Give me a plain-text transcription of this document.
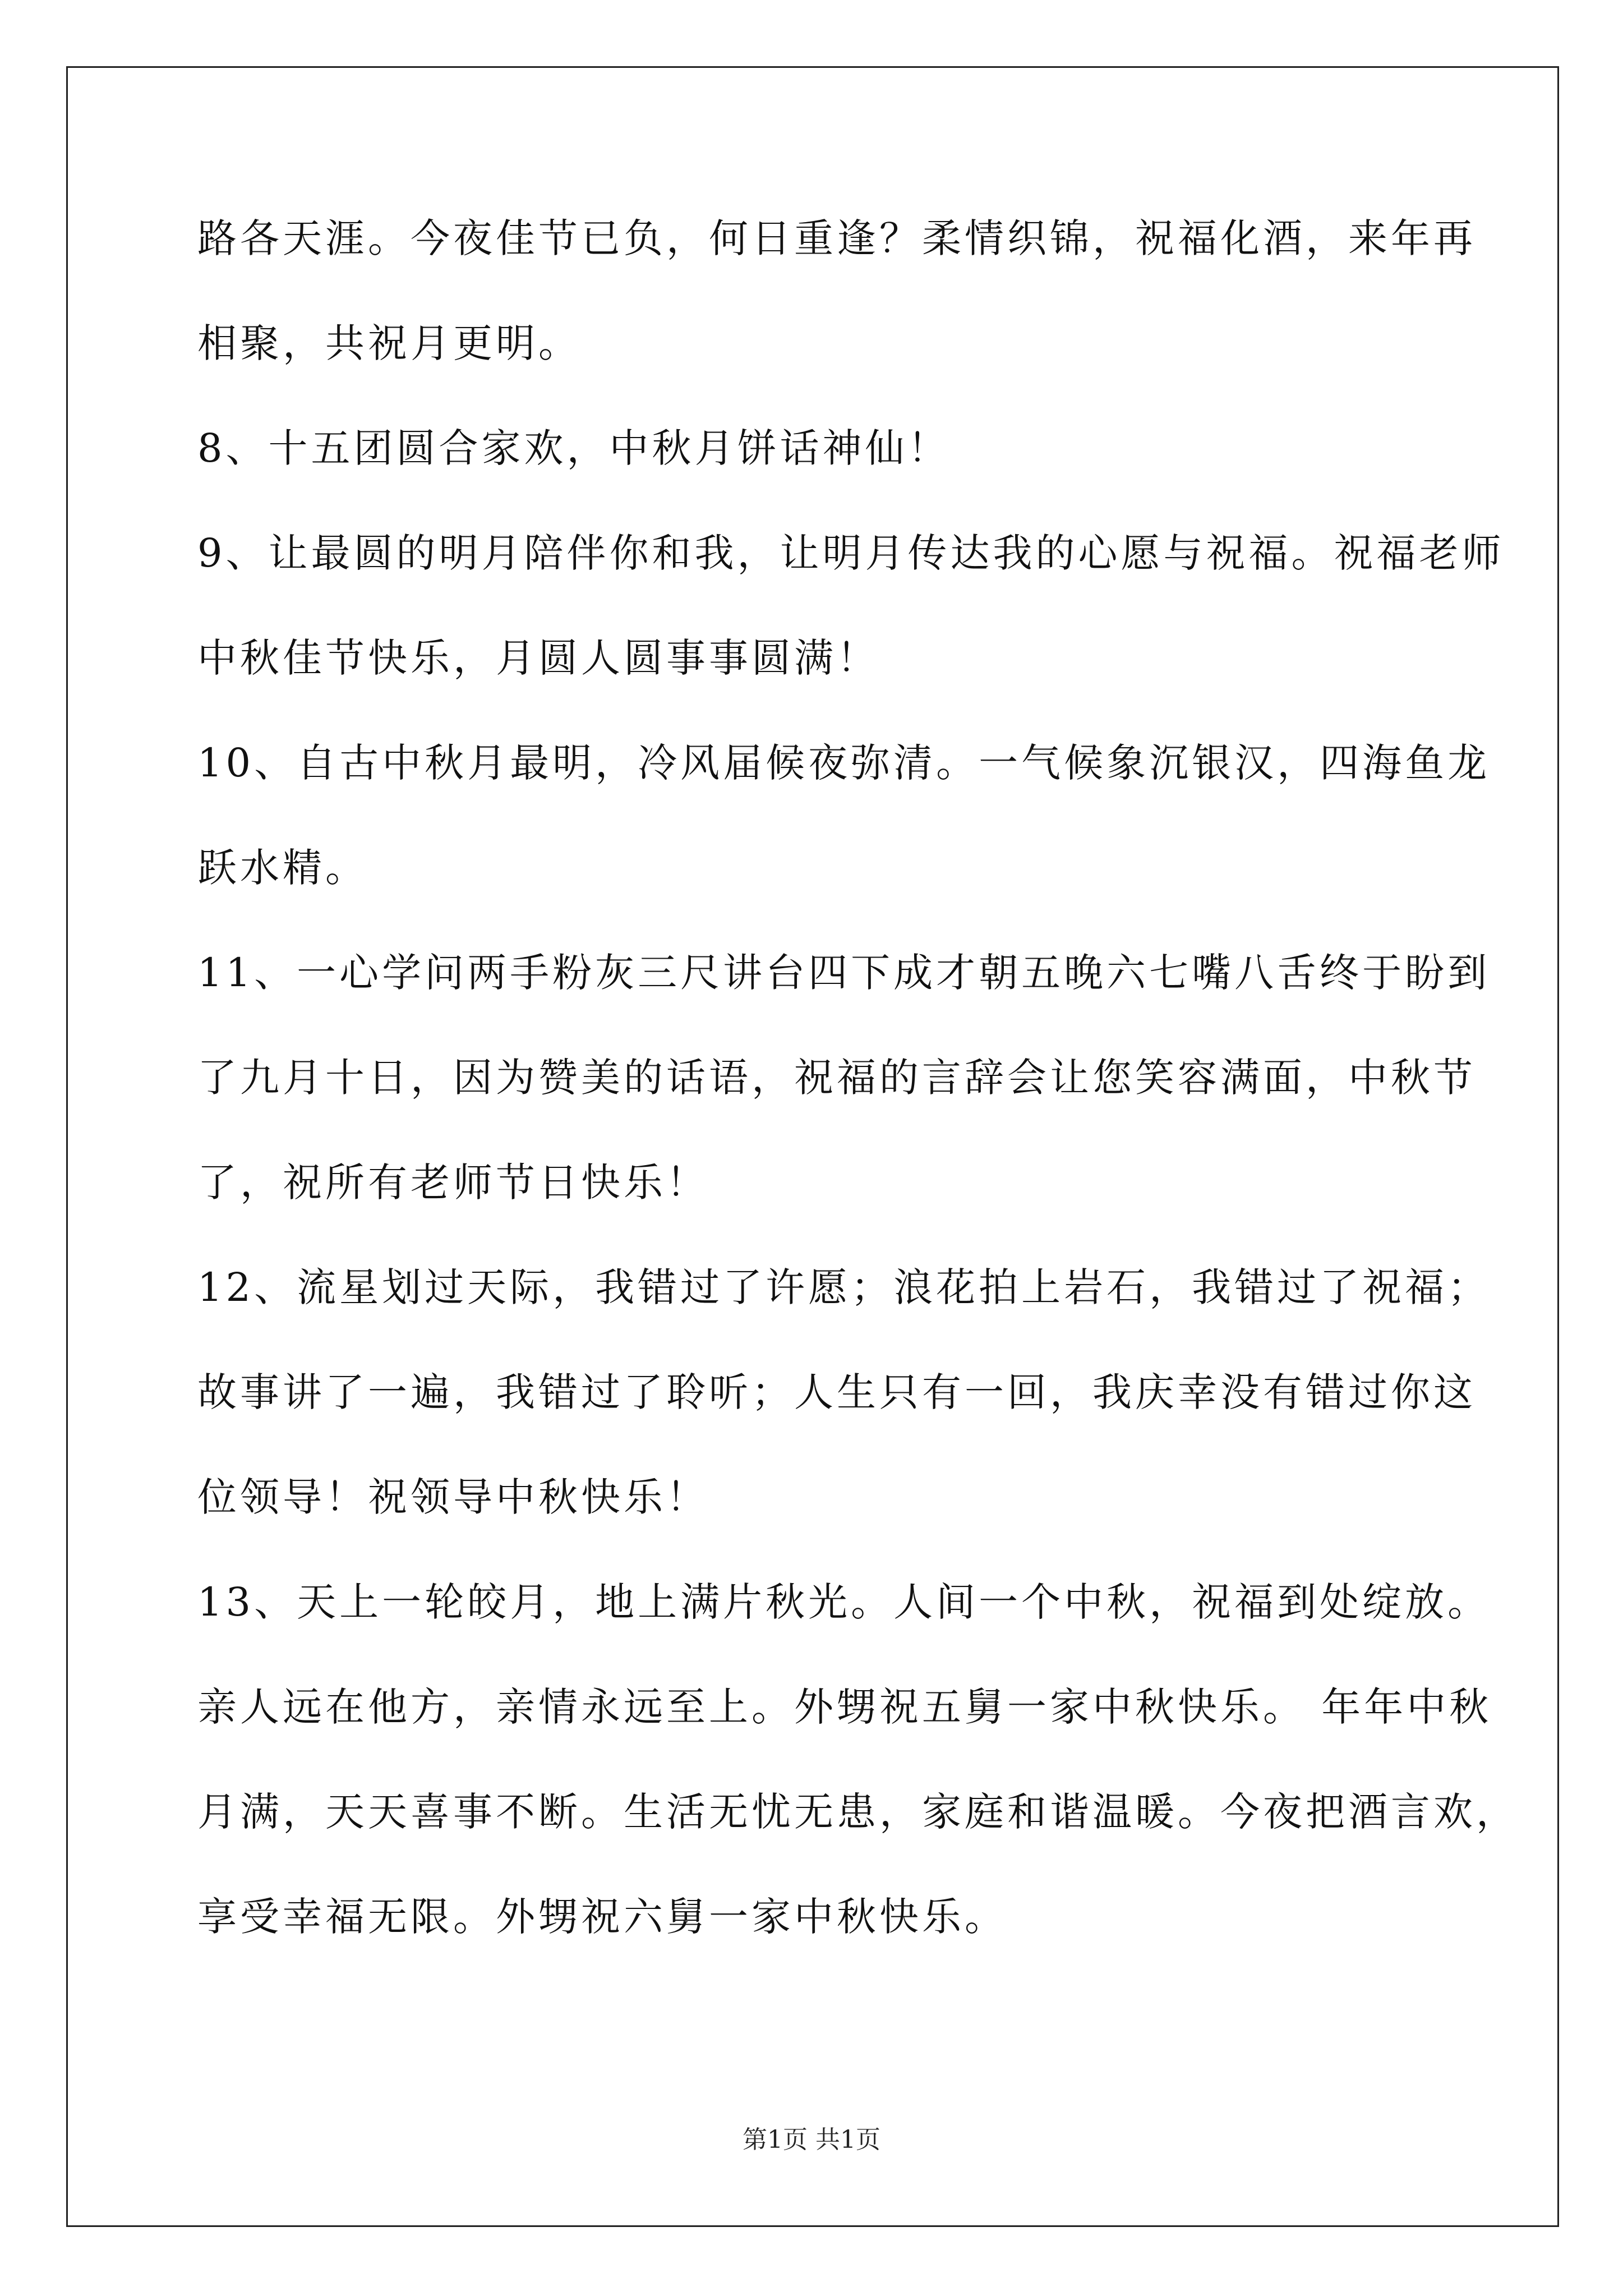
路各天涯。今夜佳节已负，何日重逢？柔情织锦，祝福化酒，来年再
相聚，共祝月更明。
8、十五团圆合家欢，中秋月饼话神仙！
9、让最圆的明月陪伴你和我，让明月传达我的心愿与祝福。祝福老师
中秋佳节快乐，月圆人圆事事圆满！
10、自古中秋月最明，冷风届候夜弥清。一气候象沉银汉，四海鱼龙
跃水精。
11、一心学问两手粉灰三尺讲台四下成才朝五晚六七嘴八舌终于盼到
了九月十日，因为赞美的话语，祝福的言辞会让您笑容满面，中秋节
了，祝所有老师节日快乐！
12、流星划过天际，我错过了许愿；浪花拍上岩石，我错过了祝福；
故事讲了一遍，我错过了聆听；人生只有一回，我庆幸没有错过你这
位领导！祝领导中秋快乐！
13、天上一轮皎月，地上满片秋光。人间一个中秋，祝福到处绽放。
亲人远在他方，亲情永远至上。外甥祝五舅一家中秋快乐。 年年中秋
月满，天天喜事不断。生活无忧无患，家庭和谐温暖。今夜把酒言欢，
享受幸福无限。外甥祝六舅一家中秋快乐。
第1页 共1页
